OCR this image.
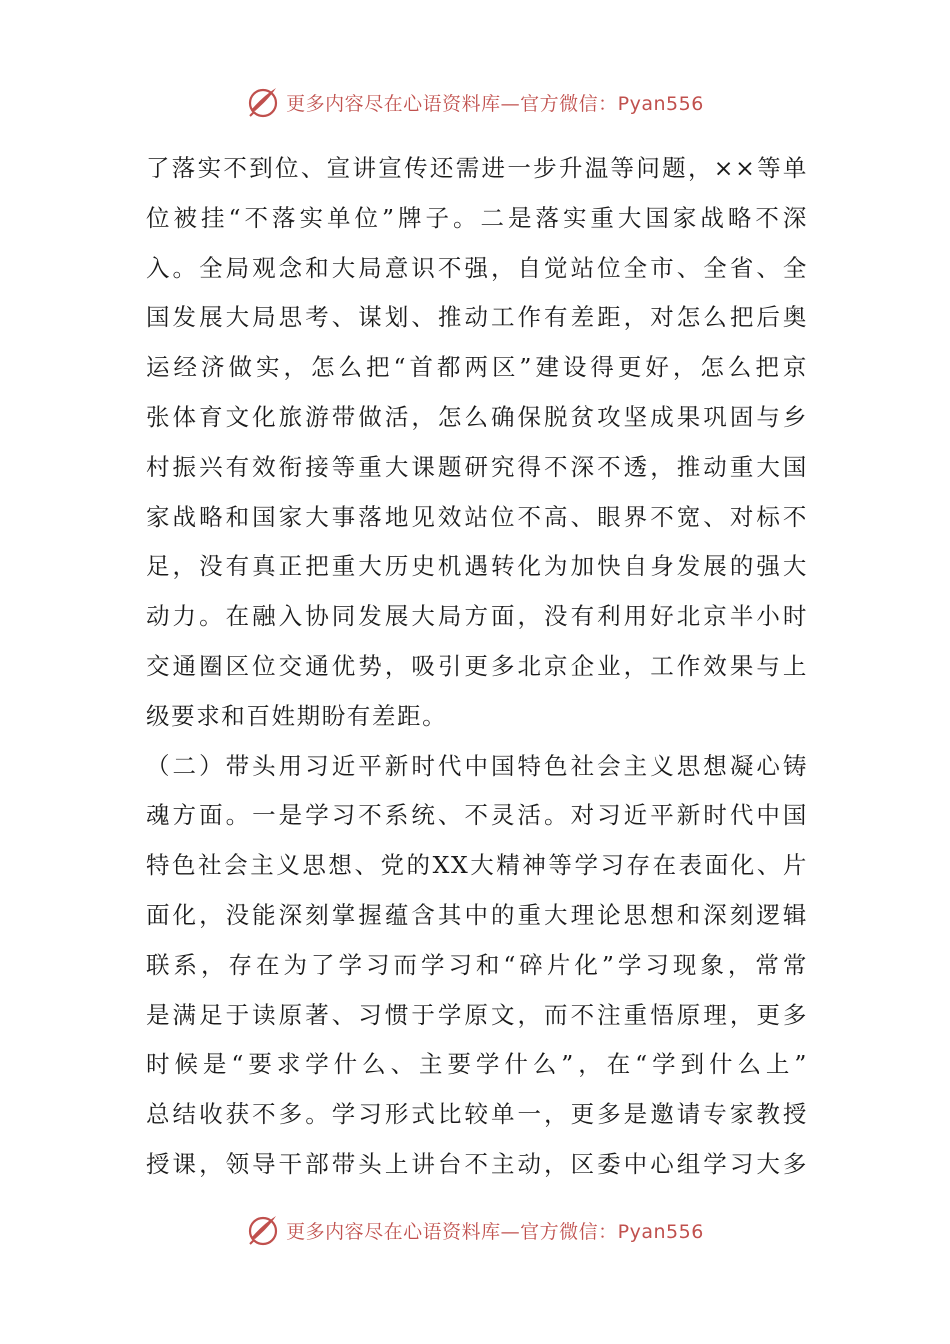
更多内容尽在心语资料库—官方微信：Pyan556

了落实不到位、宣讲宣传还需进一步升温等问题，××等单

位被挂“不落实单位”牌子。二是落实重大国家战略不深

入。全局观念和大局意识不强，自觉站位全市、全省、全

国发展大局思考、谋划、推动工作有差距，对怎么把后奥

运经济做实，怎么把“首都两区”建设得更好，怎么把京

张体育文化旅游带做活，怎么确保脱贫攻坚成果巩固与乡

村振兴有效衔接等重大课题研究得不深不透，推动重大国

家战略和国家大事落地见效站位不高、眼界不宽、对标不

足，没有真正把重大历史机遇转化为加快自身发展的强大

动力。在融入协同发展大局方面，没有利用好北京半小时

交通圈区位交通优势，吸引更多北京企业，工作效果与上

级要求和百姓期盼有差距。

（二）带头用习近平新时代中国特色社会主义思想凝心铸

魂方面。一是学习不系统、不灵活。对习近平新时代中国

特色社会主义思想、党的XX大精神等学习存在表面化、片

面化，没能深刻掌握蕴含其中的重大理论思想和深刻逻辑

联系，存在为了学习而学习和“碎片化”学习现象，常常

是满足于读原著、习惯于学原文，而不注重悟原理，更多

时候是“要求学什么、主要学什么”，在“学到什么上”

总结收获不多。学习形式比较单一，更多是邀请专家教授

授课，领导干部带头上讲台不主动，区委中心组学习大多

更多内容尽在心语资料库—官方微信：Pyan556
